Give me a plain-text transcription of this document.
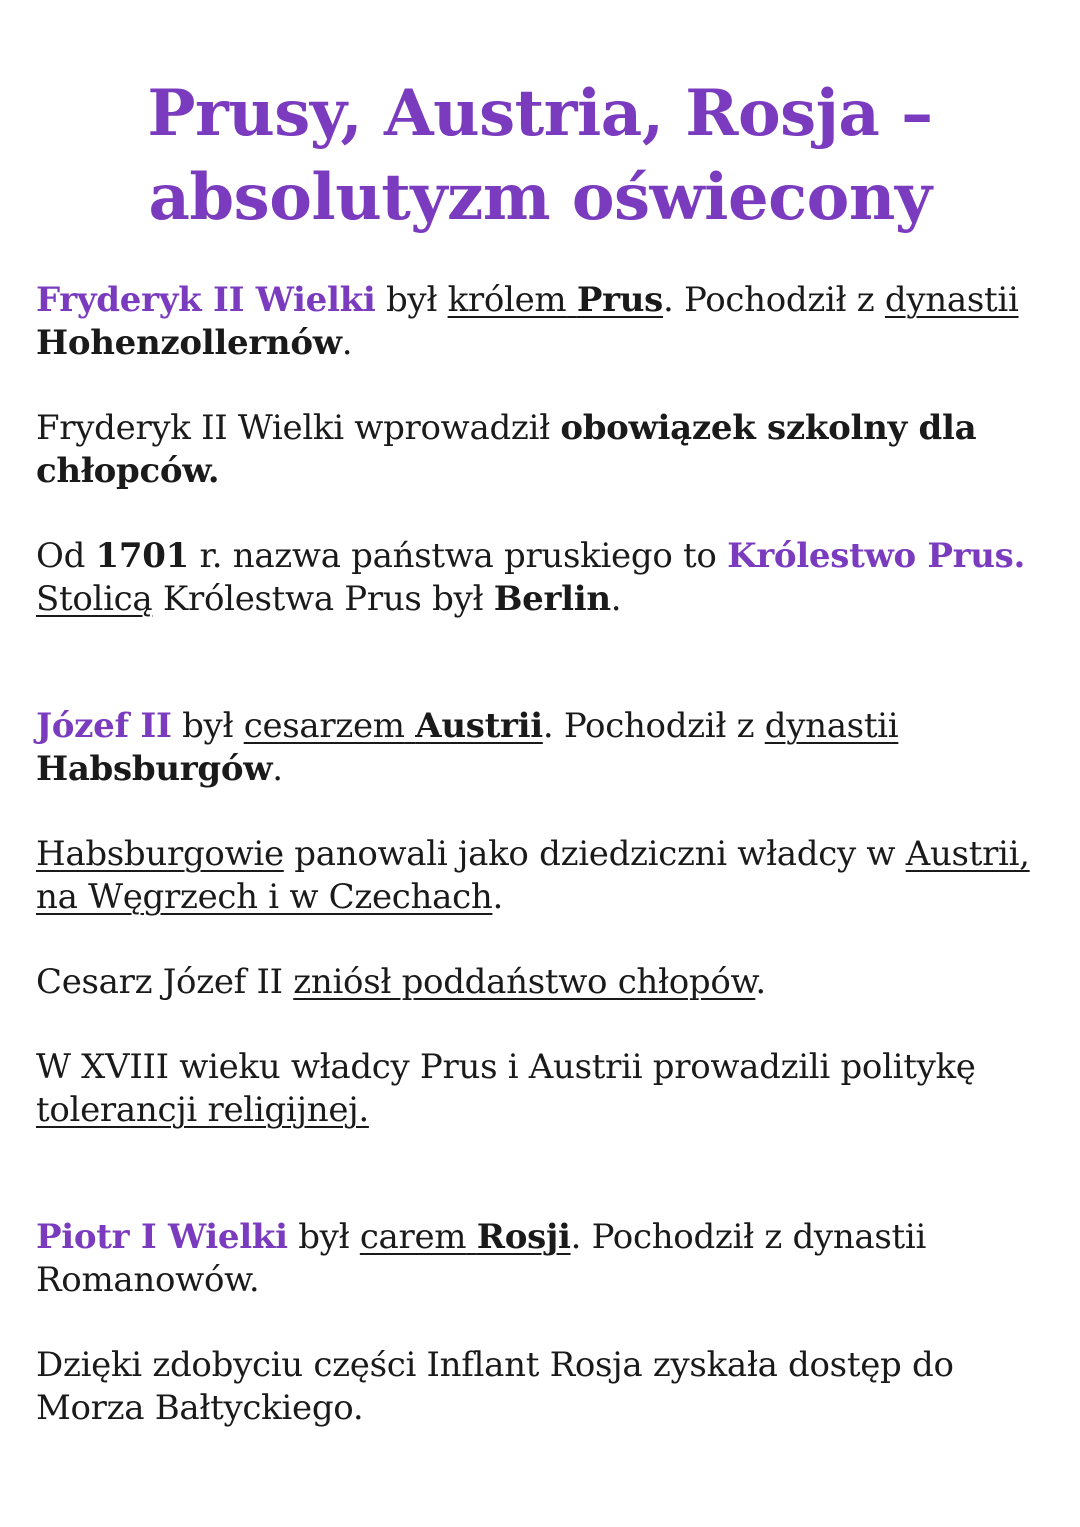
Prusy, Austria, Rosja –
absolutyzm oświecony
Fryderyk II Wielki był królem Prus. Pochodził z dynastii Hohenzollernów.
Fryderyk II Wielki wprowadził obowiązek szkolny dla chłopców.
Od 1701 r. nazwa państwa pruskiego to Królestwo Prus. Stolicą Królestwa Prus był Berlin.
Józef II był cesarzem Austrii. Pochodził z dynastii Habsburgów.
Habsburgowie panowali jako dziedziczni władcy w Austrii, na Węgrzech i w Czechach.
Cesarz Józef II zniósł poddaństwo chłopów.
W XVIII wieku władcy Prus i Austrii prowadzili politykę tolerancji religijnej.
Piotr I Wielki był carem Rosji. Pochodził z dynastii Romanowów.
Dzięki zdobyciu części Inflant Rosja zyskała dostęp do Morza Bałtyckiego.
